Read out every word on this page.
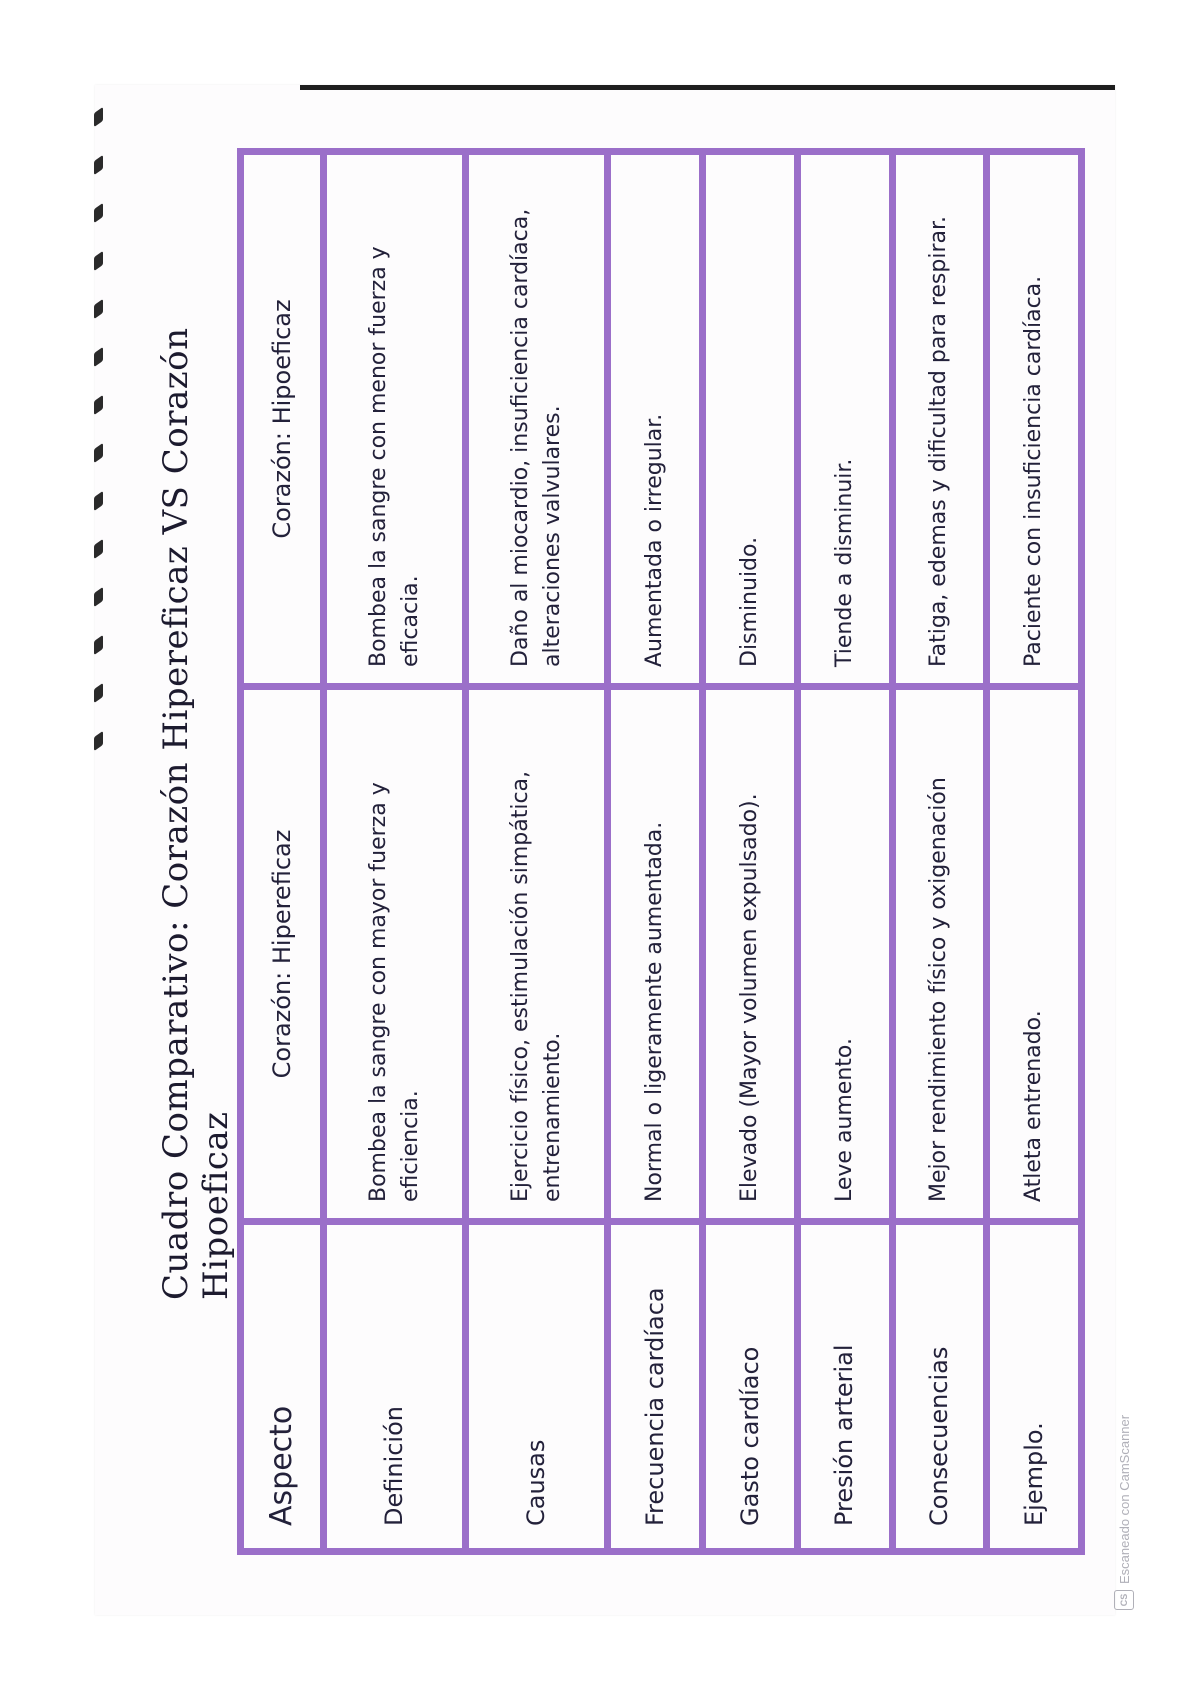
Cuadro Comparativo: Corazón Hipereficaz VS Corazón Hipoeficaz
Aspecto	Corazón: Hipereficaz	Corazón: Hipoeficaz
Definición	Bombea la sangre con mayor fuerza y eficiencia.	Bombea la sangre con menor fuerza y eficacia.
Causas	Ejercicio físico, estimulación simpática, entrenamiento.	Daño al miocardio, insuficiencia cardíaca, alteraciones valvulares.
Frecuencia cardíaca	Normal o ligeramente aumentada.	Aumentada o irregular.
Gasto cardíaco	Elevado (Mayor volumen expulsado).	Disminuido.
Presión arterial	Leve aumento.	Tiende a disminuir.
Consecuencias	Mejor rendimiento físico y oxigenación	Fatiga, edemas y dificultad para respirar.
Ejemplo.	Atleta entrenado.	Paciente con insuficiencia cardíaca.
CS
Escaneado con CamScanner
